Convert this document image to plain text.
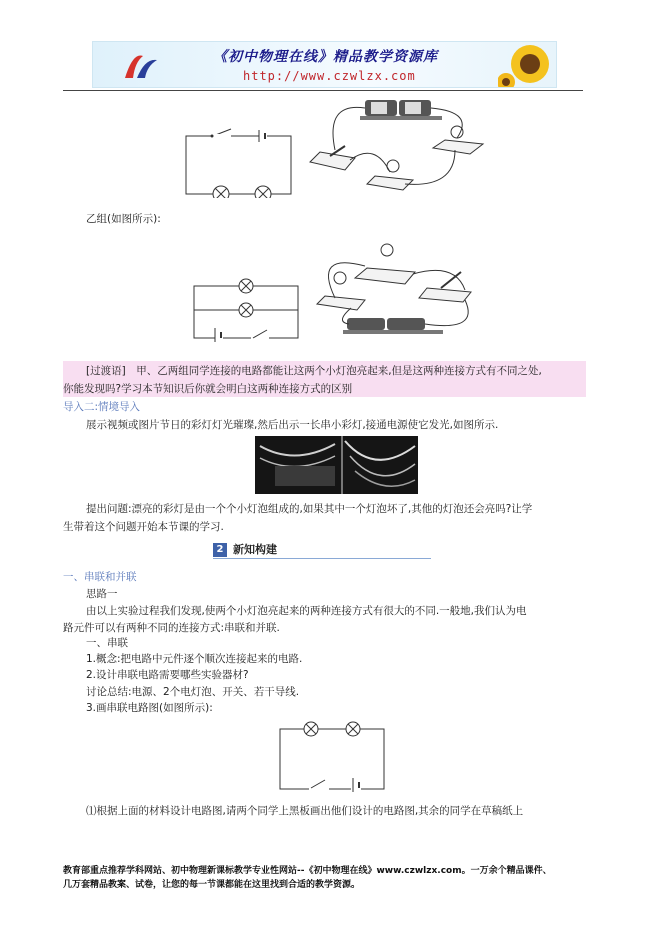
《初中物理在线》精品教学资源库
http://www.czwlzx.com
乙组(如图所示):
[过渡语]　甲、乙两组同学连接的电路都能让这两个小灯泡亮起来,但是这两种连接方式有不同之处,
你能发现吗?学习本节知识后你就会明白这两种连接方式的区别
导入二:情境导入
展示视频或图片节日的彩灯灯光璀璨,然后出示一长串小彩灯,接通电源使它发光,如图所示.
提出问题:漂亮的彩灯是由一个个小灯泡组成的,如果其中一个灯泡坏了,其他的灯泡还会亮吗?让学
生带着这个问题开始本节课的学习.
2 新知构建
一、串联和并联
思路一
由以上实验过程我们发现,使两个小灯泡亮起来的两种连接方式有很大的不同.一般地,我们认为电
路元件可以有两种不同的连接方式:串联和并联.
一、串联
1.概念:把电路中元件逐个顺次连接起来的电路.
2.设计串联电路需要哪些实验器材?
讨论总结:电源、2个电灯泡、开关、若干导线.
3.画串联电路图(如图所示):
⑴根据上面的材料设计电路图,请两个同学上黑板画出他们设计的电路图,其余的同学在草稿纸上
教育部重点推荐学科网站、初中物理新课标教学专业性网站--《初中物理在线》www.czwlzx.com。一万余个精品课件、
几万套精品教案、试卷，让您的每一节课都能在这里找到合适的教学资源。
